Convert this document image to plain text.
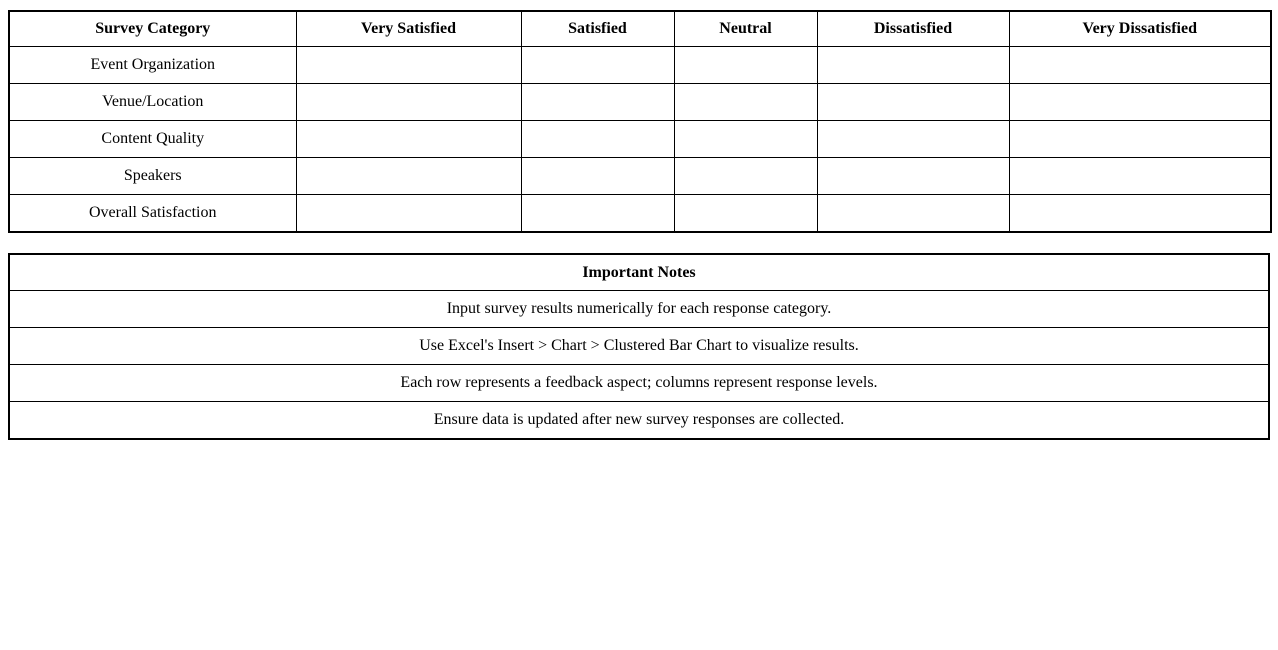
Survey Category	Very Satisfied	Satisfied	Neutral	Dissatisfied	Very Dissatisfied
Event Organization					
Venue/Location					
Content Quality					
Speakers					
Overall Satisfaction					
Important Notes
Input survey results numerically for each response category.
Use Excel's Insert > Chart > Clustered Bar Chart to visualize results.
Each row represents a feedback aspect; columns represent response levels.
Ensure data is updated after new survey responses are collected.
